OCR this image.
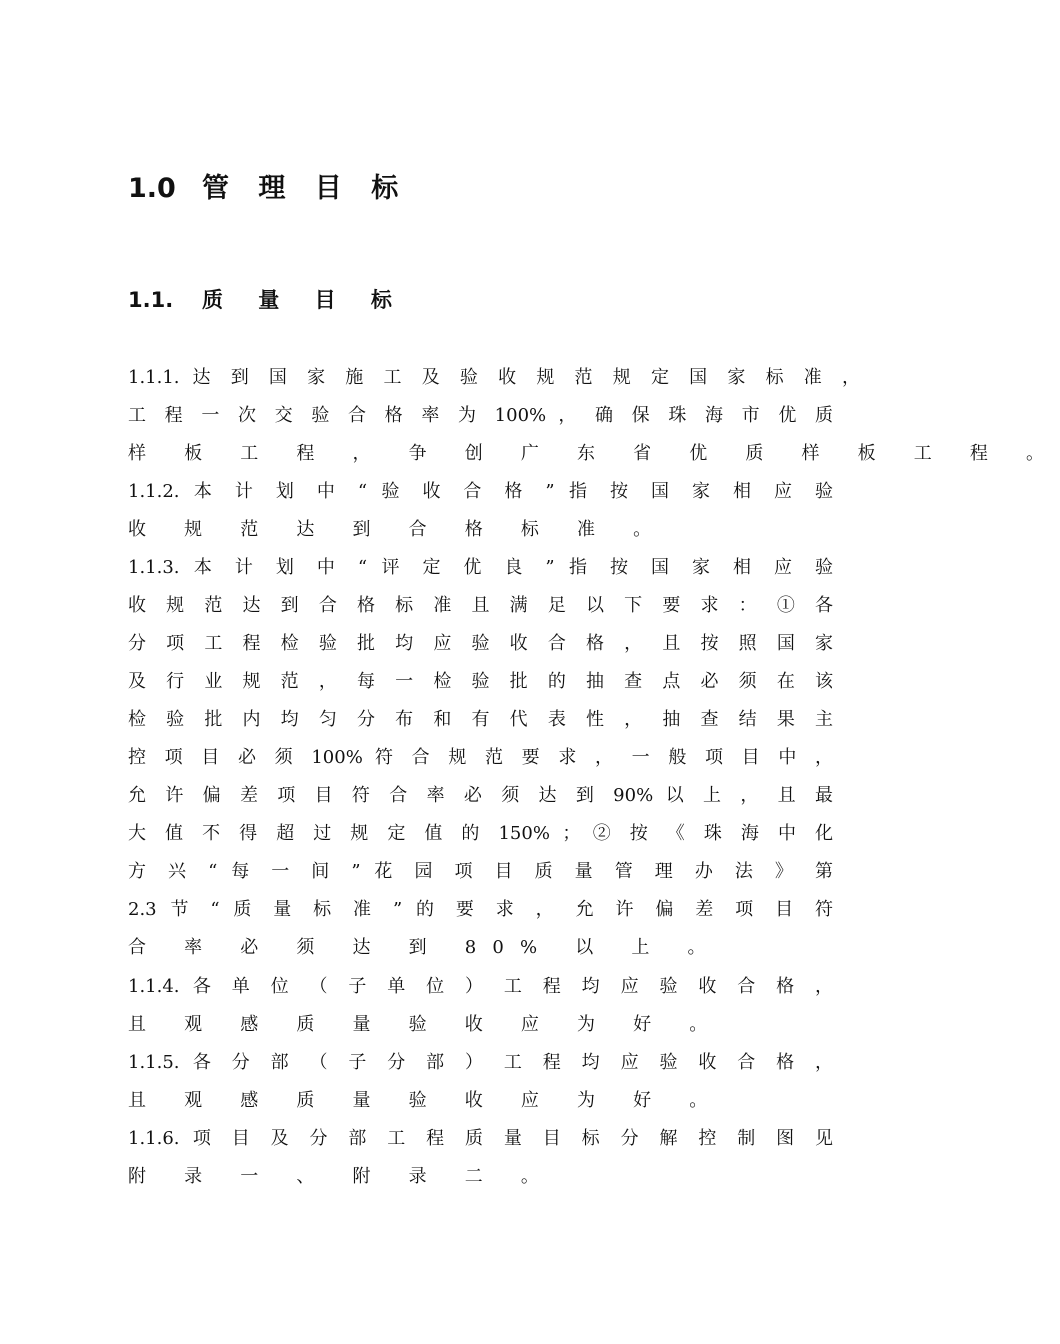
1.0 管 理 目 标
1.1. 质 量 目 标
1.1.1. 达 到 国 家 施 工 及 验 收 规 范 规 定 国 家 标 准 ，
工 程 一 次 交 验 合 格 率 为 100% ， 确 保 珠 海 市 优 质
样 板 工 程 ， 争 创 广 东 省 优 质 样 板 工 程 。
1.1.2. 本 计 划 中 “ 验 收 合 格 ” 指 按 国 家 相 应 验
收 规 范 达 到 合 格 标 准 。
1.1.3. 本 计 划 中 “ 评 定 优 良 ” 指 按 国 家 相 应 验
收 规 范 达 到 合 格 标 准 且 满 足 以 下 要 求 ： ① 各
分 项 工 程 检 验 批 均 应 验 收 合 格 ， 且 按 照 国 家
及 行 业 规 范 ， 每 一 检 验 批 的 抽 查 点 必 须 在 该
检 验 批 内 均 匀 分 布 和 有 代 表 性 ， 抽 查 结 果 主
控 项 目 必 须 100% 符 合 规 范 要 求 ， 一 般 项 目 中 ，
允 许 偏 差 项 目 符 合 率 必 须 达 到 90% 以 上 ， 且 最
大 值 不 得 超 过 规 定 值 的 150% ； ② 按 《 珠 海 中 化
方 兴 “ 每 一 间 ” 花 园 项 目 质 量 管 理 办 法 》 第
2.3 节 “ 质 量 标 准 ” 的 要 求 ， 允 许 偏 差 项 目 符
合 率 必 须 达 到 80% 以 上 。
1.1.4. 各 单 位 （ 子 单 位 ） 工 程 均 应 验 收 合 格 ，
且 观 感 质 量 验 收 应 为 好 。
1.1.5. 各 分 部 （ 子 分 部 ） 工 程 均 应 验 收 合 格 ，
且 观 感 质 量 验 收 应 为 好 。
1.1.6. 项 目 及 分 部 工 程 质 量 目 标 分 解 控 制 图 见
附 录 一 、 附 录 二 。
